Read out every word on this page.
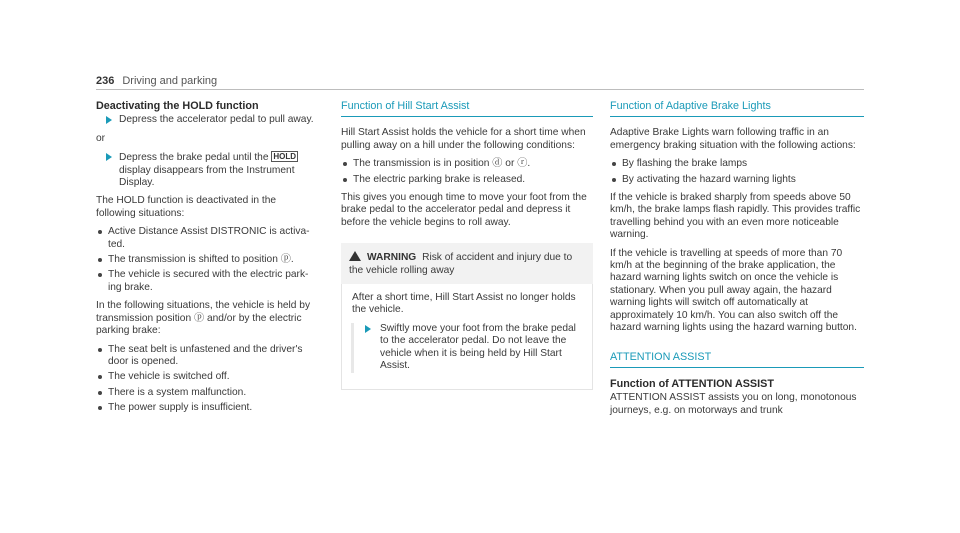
236 Driving and parking
Deactivating the HOLD function
Depress the accelerator pedal to pull away.

or

Depress the brake pedal until the HOLD display disappears from the Instrument Display.

The HOLD function is deactivated in the following situations:

Active Distance Assist DISTRONIC is activated.
The transmission is shifted to position ⓟ.
The vehicle is secured with the electric parking brake.

In the following situations, the vehicle is held by transmission position ⓟ and/or by the electric parking brake:

The seat belt is unfastened and the driver's door is opened.
The vehicle is switched off.
There is a system malfunction.
The power supply is insufficient.
Function of Hill Start Assist

Hill Start Assist holds the vehicle for a short time when pulling away on a hill under the following conditions:

The transmission is in position ⓓ or ⓡ.
The electric parking brake is released.

This gives you enough time to move your foot from the brake pedal to the accelerator pedal and depress it before the vehicle begins to roll away.

WARNING Risk of accident and injury due to the vehicle rolling away

After a short time, Hill Start Assist no longer holds the vehicle.

Swiftly move your foot from the brake pedal to the accelerator pedal. Do not leave the vehicle when it is being held by Hill Start Assist.
Function of Adaptive Brake Lights

Adaptive Brake Lights warn following traffic in an emergency braking situation with the following actions:

By flashing the brake lamps
By activating the hazard warning lights

If the vehicle is braked sharply from speeds above 50 km/h, the brake lamps flash rapidly. This provides traffic travelling behind you with an even more noticeable warning.

If the vehicle is travelling at speeds of more than 70 km/h at the beginning of the brake application, the hazard warning lights switch on once the vehicle is stationary. When you pull away again, the hazard warning lights will switch off automatically at approximately 10 km/h. You can also switch off the hazard warning lights using the hazard warning button.

ATTENTION ASSIST
Function of ATTENTION ASSIST

ATTENTION ASSIST assists you on long, monotonous journeys, e.g. on motorways and trunk
